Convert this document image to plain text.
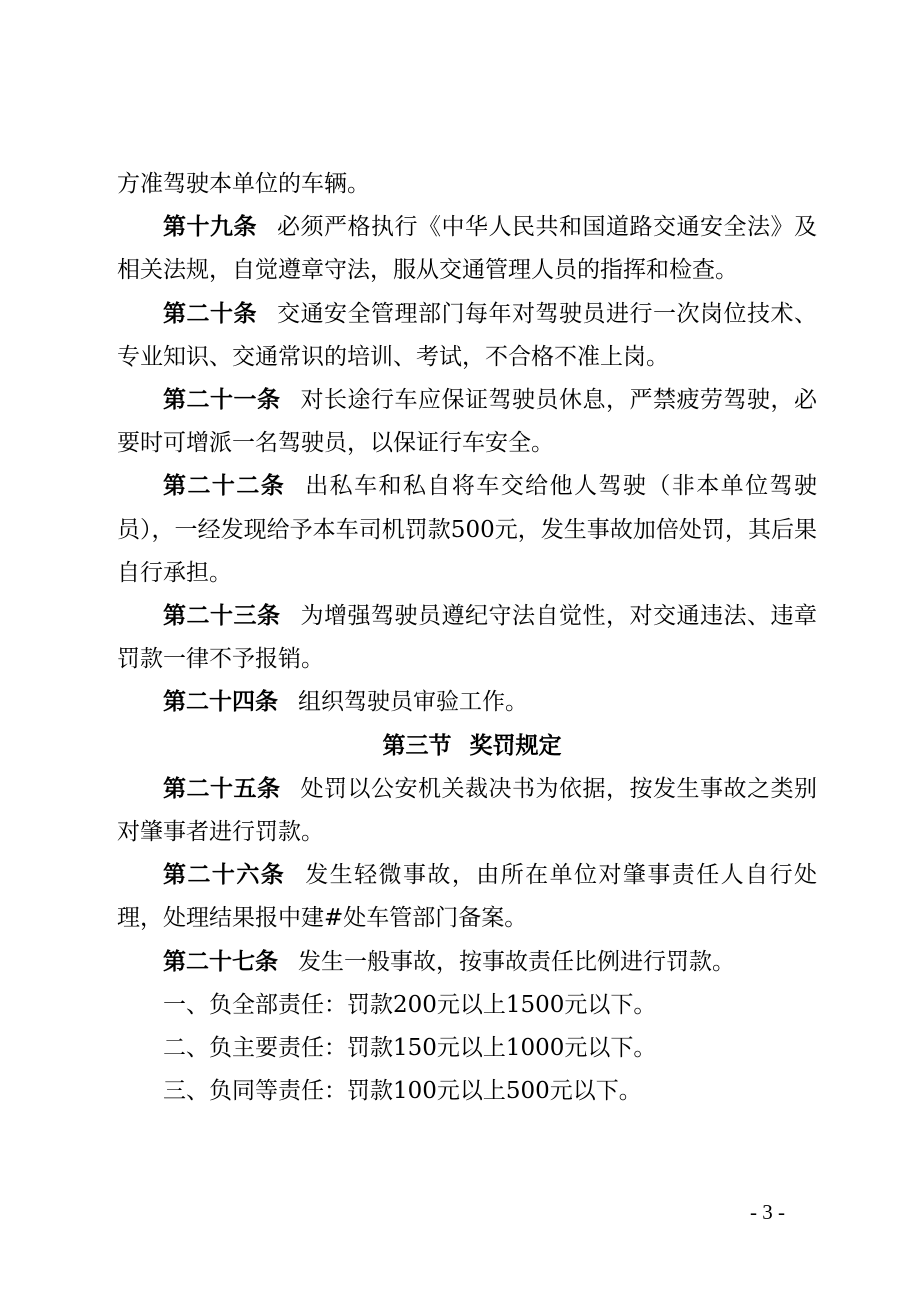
方准驾驶本单位的车辆。

第十九条 必须严格执行《中华人民共和国道路交通安全法》及相关法规，自觉遵章守法，服从交通管理人员的指挥和检查。

第二十条 交通安全管理部门每年对驾驶员进行一次岗位技术、专业知识、交通常识的培训、考试，不合格不准上岗。

第二十一条 对长途行车应保证驾驶员休息，严禁疲劳驾驶，必要时可增派一名驾驶员，以保证行车安全。

第二十二条 出私车和私自将车交给他人驾驶（非本单位驾驶员），一经发现给予本车司机罚款500元，发生事故加倍处罚，其后果自行承担。

第二十三条 为增强驾驶员遵纪守法自觉性，对交通违法、违章罚款一律不予报销。

第二十四条 组织驾驶员审验工作。

第三节 奖罚规定

第二十五条 处罚以公安机关裁决书为依据，按发生事故之类别对肇事者进行罚款。

第二十六条 发生轻微事故，由所在单位对肇事责任人自行处理，处理结果报中建#处车管部门备案。

第二十七条 发生一般事故，按事故责任比例进行罚款。

一、负全部责任：罚款200元以上1500元以下。

二、负主要责任：罚款150元以上1000元以下。

三、负同等责任：罚款100元以上500元以下。

- 3 -
